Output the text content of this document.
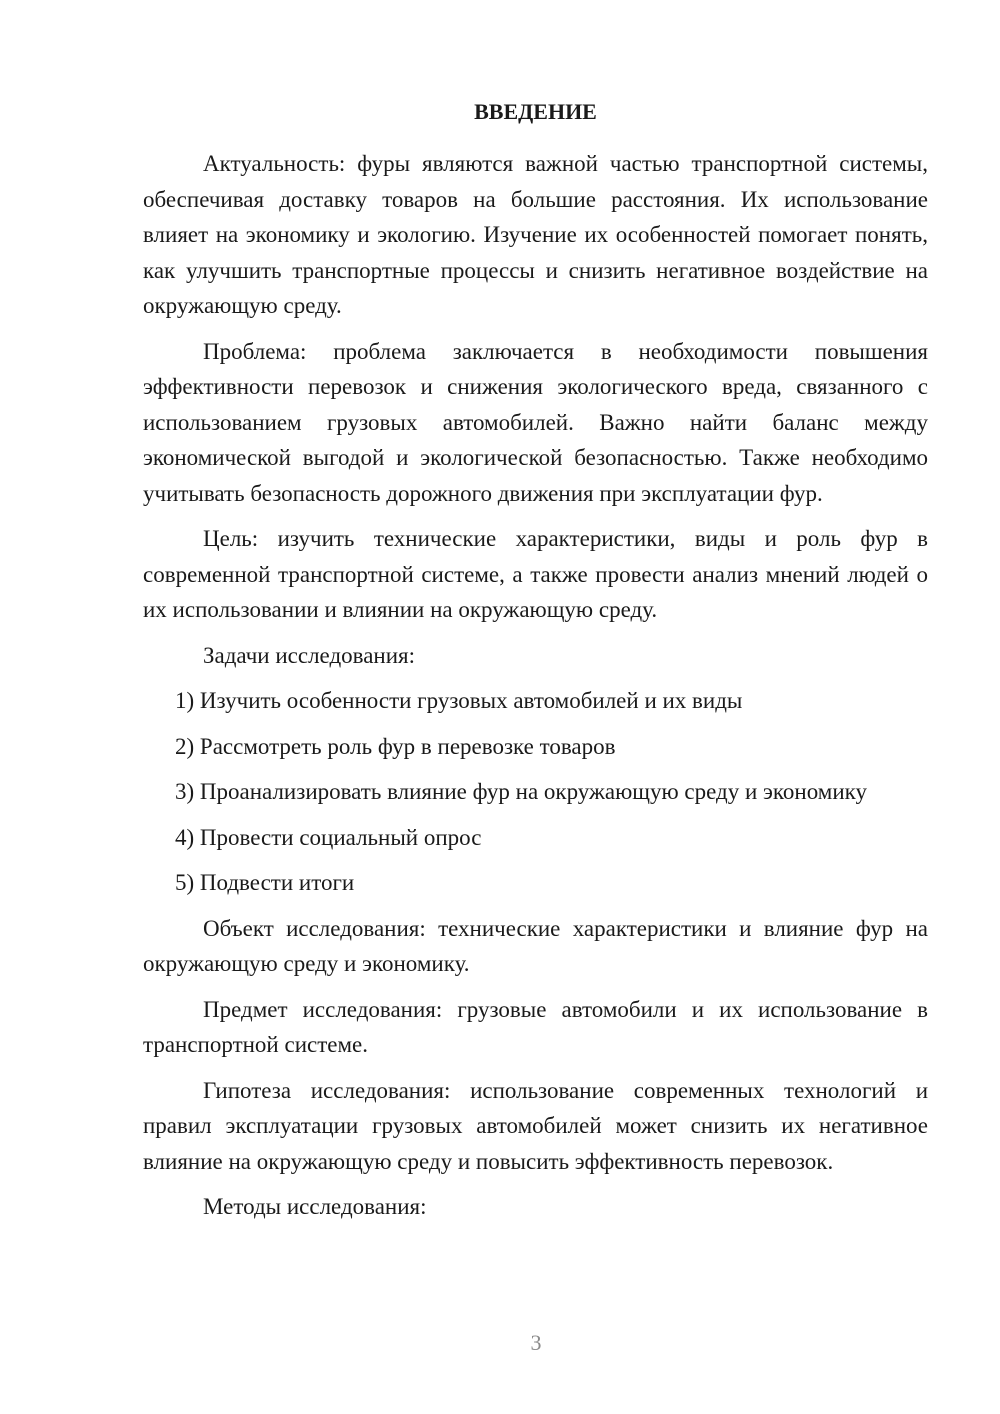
ВВЕДЕНИЕ

Актуальность: фуры являются важной частью транспортной системы, обеспечивая доставку товаров на большие расстояния. Их использование влияет на экономику и экологию. Изучение их особенностей помогает понять, как улучшить транспортные процессы и снизить негативное воздействие на окружающую среду.

Проблема: проблема заключается в необходимости повышения эффективности перевозок и снижения экологического вреда, связанного с использованием грузовых автомобилей. Важно найти баланс между экономической выгодой и экологической безопасностью. Также необходимо учитывать безопасность дорожного движения при эксплуатации фур.

Цель: изучить технические характеристики, виды и роль фур в современной транспортной системе, а также провести анализ мнений людей о их использовании и влиянии на окружающую среду.

Задачи исследования:

1) Изучить особенности грузовых автомобилей и их виды
2) Рассмотреть роль фур в перевозке товаров
3) Проанализировать влияние фур на окружающую среду и экономику
4) Провести социальный опрос
5) Подвести итоги

Объект исследования: технические характеристики и влияние фур на окружающую среду и экономику.

Предмет исследования: грузовые автомобили и их использование в транспортной системе.

Гипотеза исследования: использование современных технологий и правил эксплуатации грузовых автомобилей может снизить их негативное влияние на окружающую среду и повысить эффективность перевозок.

Методы исследования:

3
